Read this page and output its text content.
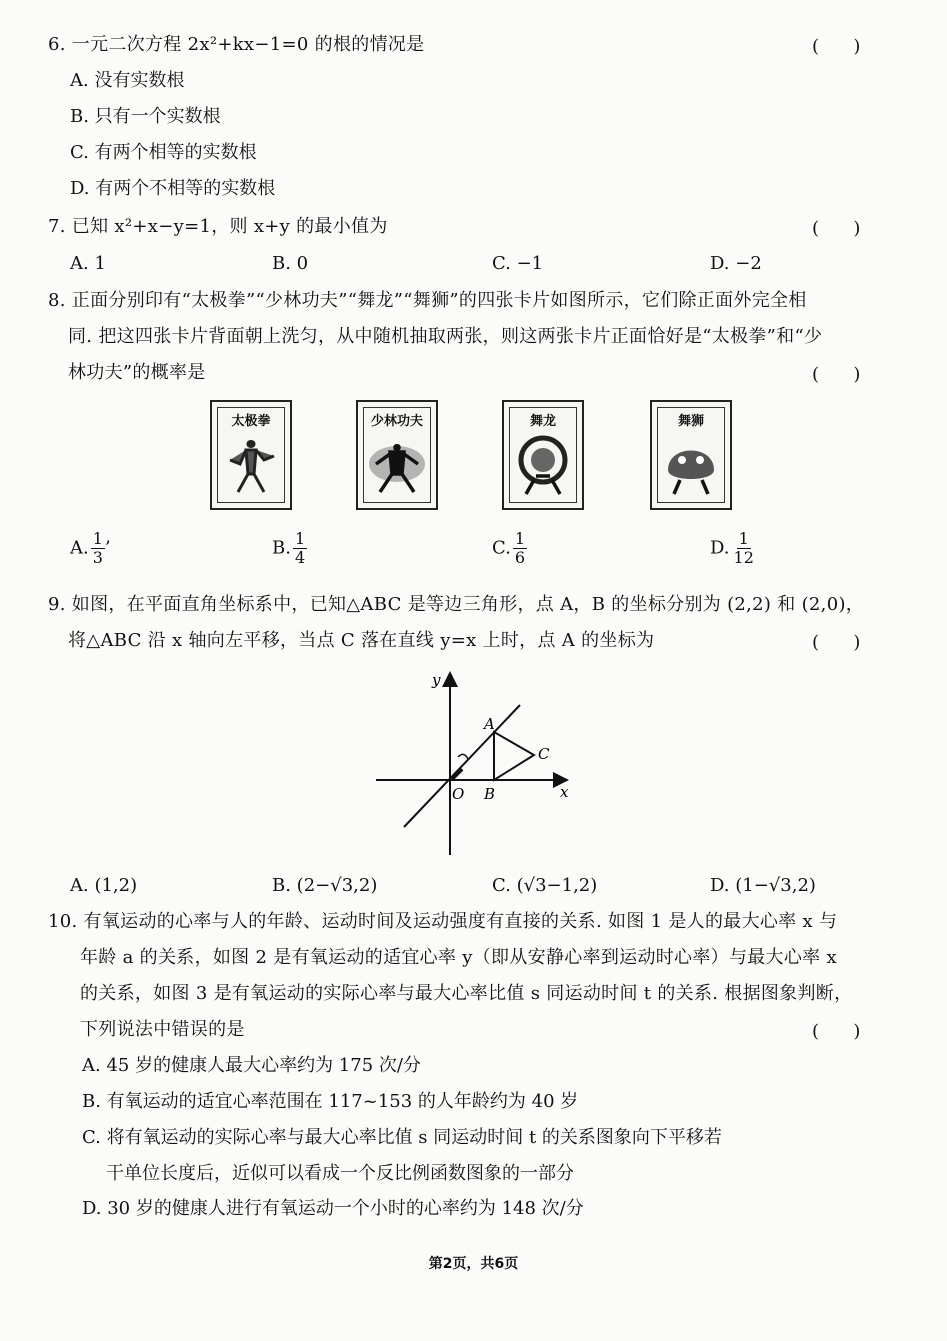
6. 一元二次方程 2x²+kx−1=0 的根的情况是	(      )
A. 没有实数根
B. 只有一个实数根
C. 有两个相等的实数根
D. 有两个不相等的实数根
7. 已知 x²+x−y=1，则 x+y 的最小值为	(      )
A. 1	B. 0	C. −1	D. −2
8. 正面分别印有“太极拳”“少林功夫”“舞龙”“舞狮”的四张卡片如图所示，它们除正面外完全相
同. 把这四张卡片背面朝上洗匀，从中随机抽取两张，则这两张卡片正面恰好是“太极拳”和“少
林功夫”的概率是	(      )
太极拳	少林功夫	舞龙	舞狮
A. $\frac{1}{3}$ ’	B. $\frac{1}{4}$	C. $\frac{1}{6}$	D. $\frac{1}{12}$
9. 如图，在平面直角坐标系中，已知△ABC 是等边三角形，点 A，B 的坐标分别为 (2,2) 和 (2,0)，
将△ABC 沿 x 轴向左平移，当点 C 落在直线 y=x 上时，点 A 的坐标为	(      )
y
x
O
A
B
C
A. (1,2)	B. (2−√3,2)	C. (√3−1,2)	D. (1−√3,2)
10. 有氧运动的心率与人的年龄、运动时间及运动强度有直接的关系. 如图 1 是人的最大心率 x 与
年龄 a 的关系，如图 2 是有氧运动的适宜心率 y（即从安静心率到运动时心率）与最大心率 x
的关系，如图 3 是有氧运动的实际心率与最大心率比值 s 同运动时间 t 的关系. 根据图象判断，
下列说法中错误的是	(      )
A. 45 岁的健康人最大心率约为 175 次/分
B. 有氧运动的适宜心率范围在 117~153 的人年龄约为 40 岁
C. 将有氧运动的实际心率与最大心率比值 s 同运动时间 t 的关系图象向下平移若
干单位长度后，近似可以看成一个反比例函数图象的一部分
D. 30 岁的健康人进行有氧运动一个小时的心率约为 148 次/分
第2页，共6页
